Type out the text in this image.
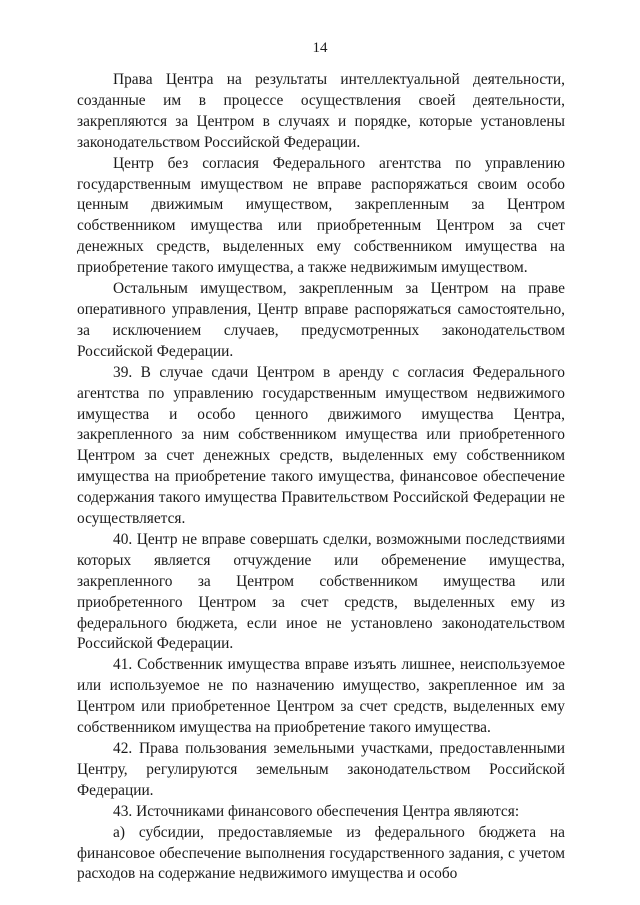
14

Права Центра на результаты интеллектуальной деятельности, созданные им в процессе осуществления своей деятельности, закрепляются за Центром в случаях и порядке, которые установлены законодательством Российской Федерации.

Центр без согласия Федерального агентства по управлению государственным имуществом не вправе распоряжаться своим особо ценным движимым имуществом, закрепленным за Центром собственником имущества или приобретенным Центром за счет денежных средств, выделенных ему собственником имущества на приобретение такого имущества, а также недвижимым имуществом.

Остальным имуществом, закрепленным за Центром на праве оперативного управления, Центр вправе распоряжаться самостоятельно, за исключением случаев, предусмотренных законодательством Российской Федерации.

39. В случае сдачи Центром в аренду с согласия Федерального агентства по управлению государственным имуществом недвижимого имущества и особо ценного движимого имущества Центра, закрепленного за ним собственником имущества или приобретенного Центром за счет денежных средств, выделенных ему собственником имущества на приобретение такого имущества, финансовое обеспечение содержания такого имущества Правительством Российской Федерации не осуществляется.

40. Центр не вправе совершать сделки, возможными последствиями которых является отчуждение или обременение имущества, закрепленного за Центром собственником имущества или приобретенного Центром за счет средств, выделенных ему из федерального бюджета, если иное не установлено законодательством Российской Федерации.

41. Собственник имущества вправе изъять лишнее, неиспользуемое или используемое не по назначению имущество, закрепленное им за Центром или приобретенное Центром за счет средств, выделенных ему собственником имущества на приобретение такого имущества.

42. Права пользования земельными участками, предоставленными Центру, регулируются земельным законодательством Российской Федерации.

43. Источниками финансового обеспечения Центра являются:

а) субсидии, предоставляемые из федерального бюджета на финансовое обеспечение выполнения государственного задания, с учетом расходов на содержание недвижимого имущества и особо
